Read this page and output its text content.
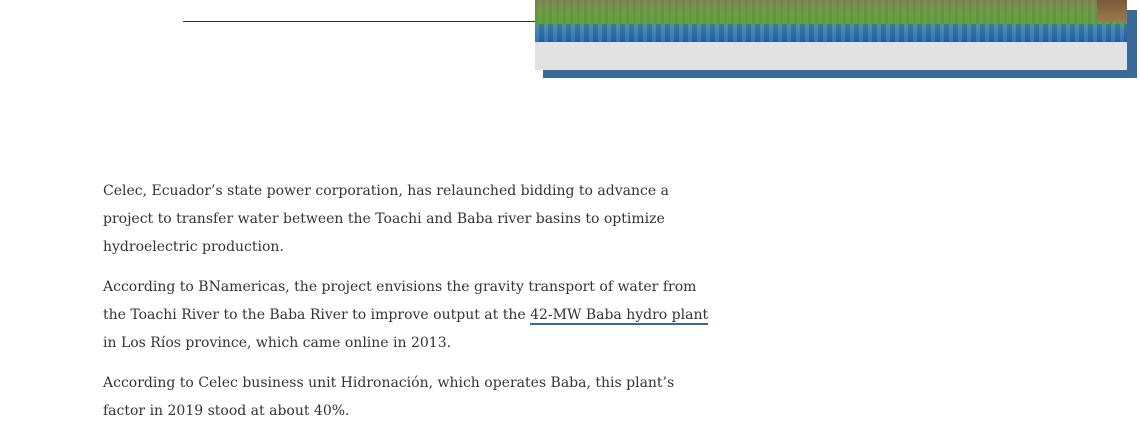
Celec, Ecuador’s state power corporation, has relaunched bidding to advance a project to transfer water between the Toachi and Baba river basins to optimize hydroelectric production.

According to BNamericas, the project envisions the gravity transport of water from the Toachi River to the Baba River to improve output at the 42-MW Baba hydro plant in Los Ríos province, which came online in 2013.

According to Celec business unit Hidronación, which operates Baba, this plant’s factor in 2019 stood at about 40%.
